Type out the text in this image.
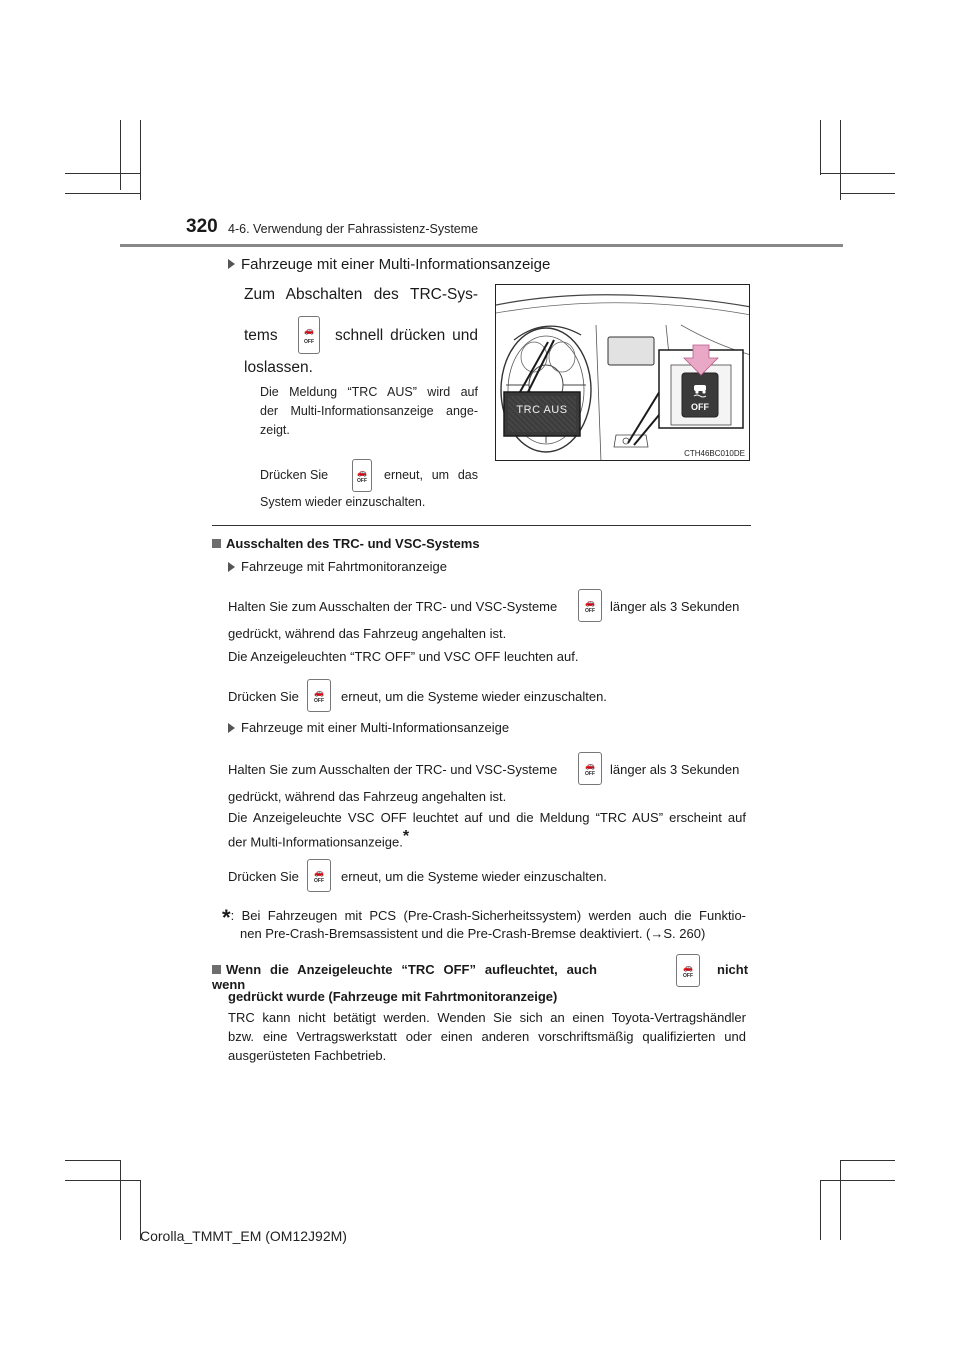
320 4-6. Verwendung der Fahrassistenz-Systeme
Fahrzeuge mit einer Multi-Informationsanzeige
Zum Abschalten des TRC-Sys-
tems	🚗
OFF schnell drücken und
loslassen.
Die Meldung “TRC AUS” wird auf
der Multi-Informationsanzeige ange-
zeigt.
Drücken Sie	🚗
OFF erneut, um das
System wieder einzuschalten.
TRC AUS	OFF
CTH46BC010DE
Ausschalten des TRC- und VSC-Systems
Fahrzeuge mit Fahrtmonitoranzeige
Halten Sie zum Ausschalten der TRC- und VSC-Systeme	🚗
OFF länger als 3 Sekunden
gedrückt, während das Fahrzeug angehalten ist.
Die Anzeigeleuchten “TRC OFF” und VSC OFF leuchten auf.
Drücken Sie 🚗
OFF erneut, um die Systeme wieder einzuschalten.
Fahrzeuge mit einer Multi-Informationsanzeige
Halten Sie zum Ausschalten der TRC- und VSC-Systeme	🚗
OFF länger als 3 Sekunden
gedrückt, während das Fahrzeug angehalten ist.
Die Anzeigeleuchte VSC OFF leuchtet auf und die Meldung “TRC AUS” erscheint auf
der Multi-Informationsanzeige.*
Drücken Sie 🚗
OFF erneut, um die Systeme wieder einzuschalten.
*: Bei Fahrzeugen mit PCS (Pre-Crash-Sicherheitssystem) werden auch die Funktio-
nen Pre-Crash-Bremsassistent und die Pre-Crash-Bremse deaktiviert. (→S. 260)
Wenn die Anzeigeleuchte “TRC OFF” aufleuchtet, auch wenn
🚗
OFF nicht
gedrückt wurde (Fahrzeuge mit Fahrtmonitoranzeige)
TRC kann nicht betätigt werden. Wenden Sie sich an einen Toyota-Vertragshändler
bzw. eine Vertragswerkstatt oder einen anderen vorschriftsmäßig qualifizierten und
ausgerüsteten Fachbetrieb.
Corolla_TMMT_EM (OM12J92M)
